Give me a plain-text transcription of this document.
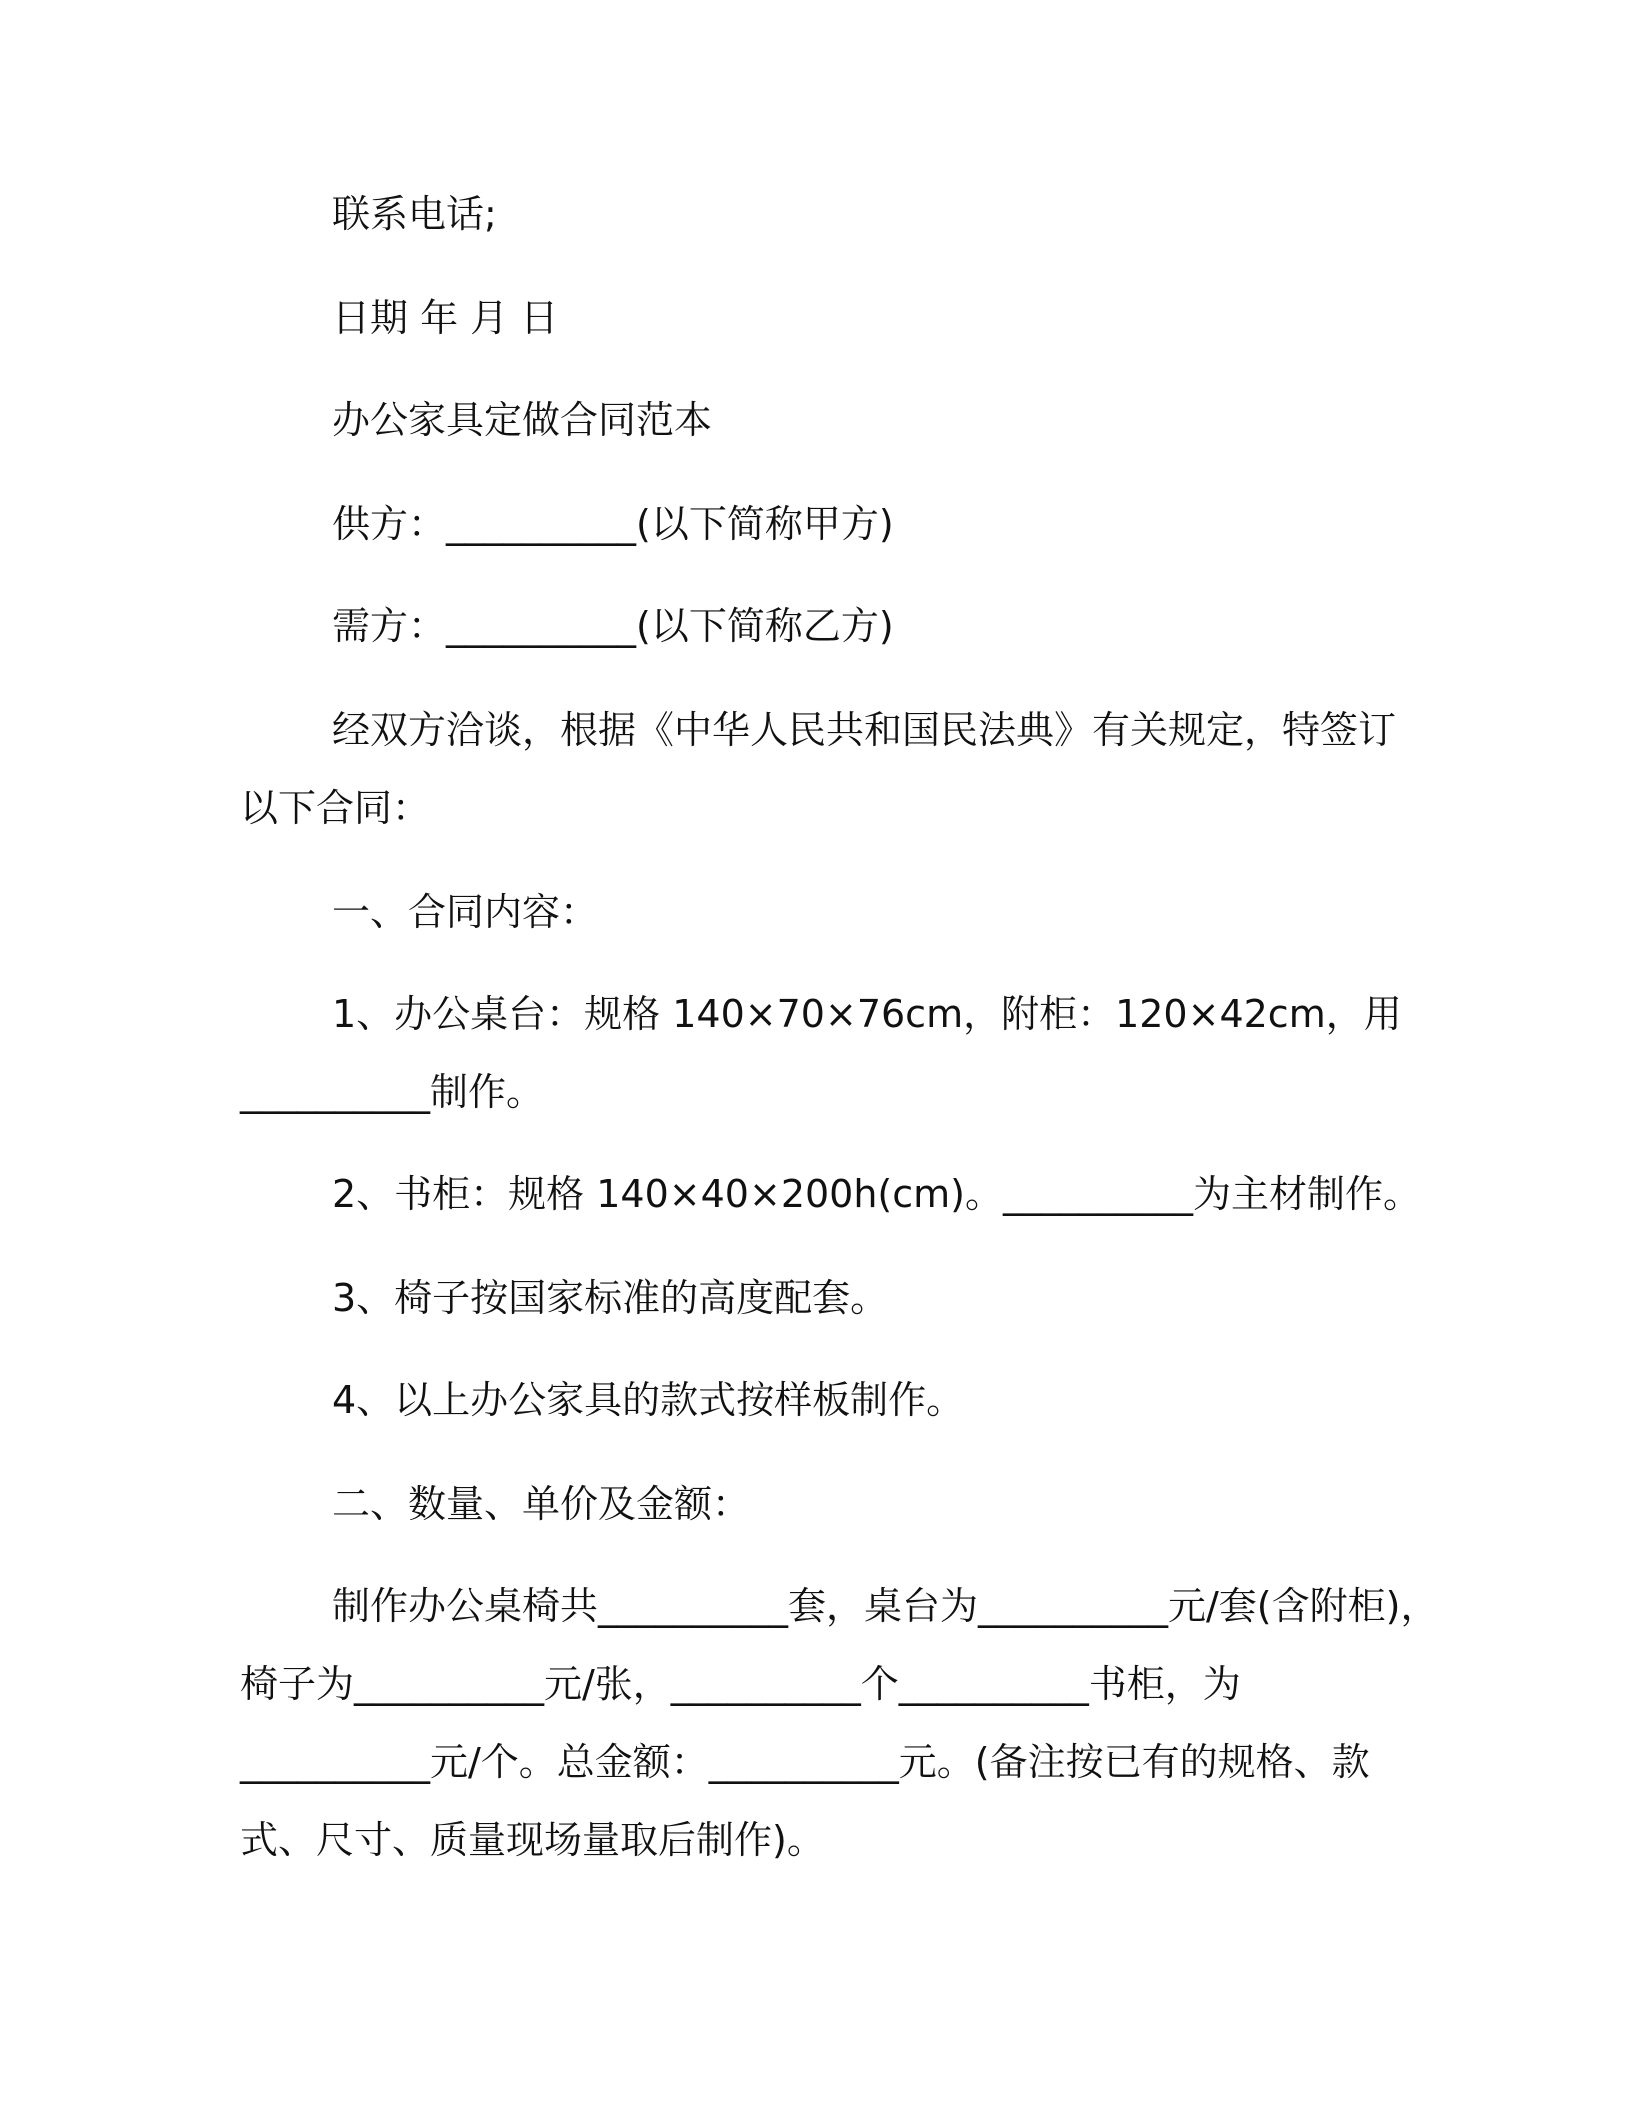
联系电话;
日期 年 月 日
办公家具定做合同范本
供方：__________(以下简称甲方)
需方：__________(以下简称乙方)
经双方洽谈，根据《中华人民共和国民法典》有关规定，特签订
以下合同：
一、合同内容：
1、办公桌台：规格 140×70×76cm，附柜：120×42cm，用
__________制作。
2、书柜：规格 140×40×200h(cm)。__________为主材制作。
3、椅子按国家标准的高度配套。
4、以上办公家具的款式按样板制作。
二、数量、单价及金额：
制作办公桌椅共__________套，桌台为__________元/套(含附柜)，
椅子为__________元/张，__________个__________书柜，为
__________元/个。总金额：__________元。(备注按已有的规格、款
式、尺寸、质量现场量取后制作)。
